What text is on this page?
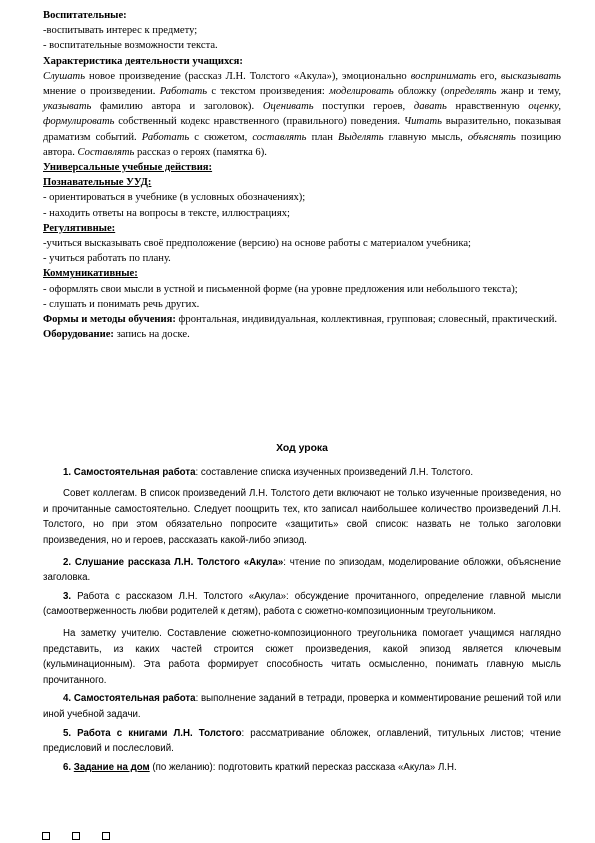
Воспитательные:

-воспитывать интерес к предмету;

- воспитательные возможности текста.

Характеристика деятельности учащихся:

Слушать новое произведение (рассказ Л.Н. Толстого «Акула»), эмоционально воспринимать его, высказывать мнение о произведении. Работать с текстом произведения: моделировать обложку (определять жанр и тему, указывать фамилию автора и заголовок). Оценивать поступки героев, давать нравственную оценку, формулировать собственный кодекс нравственного (правильного) поведения. Читать выразительно, показывая драматизм событий. Работать с сюжетом, составлять план Выделять главную мысль, объяснять позицию автора. Составлять рассказ о героях (памятка 6).

Универсальные учебные действия:

Познавательные УУД:

- ориентироваться в учебнике (в условных обозначениях);

- находить ответы на вопросы в тексте, иллюстрациях;

Регулятивные:

-учиться высказывать своё предположение (версию) на основе работы с материалом учебника;

- учиться работать по плану.

Коммуникативные:

- оформлять свои мысли в устной и письменной форме (на уровне предложения или небольшого текста);

- слушать и понимать речь других.

Формы и методы обучения: фронтальная, индивидуальная, коллективная, групповая; словесный, практический.

Оборудование: запись на доске.

Ход урока

1. Самостоятельная работа: составление списка изученных произведений Л.Н. Толстого.

Совет коллегам. В список произведений Л.Н. Толстого дети включают не только изученные произведения, но и прочитанные самостоятельно. Следует поощрить тех, кто записал наибольшее количество произведений Л.Н. Толстого, но при этом обязательно попросите «защитить» свой список: назвать не только заголовки произведения, но и героев, рассказать какой-либо эпизод.

2. Слушание рассказа Л.Н. Толстого «Акула»: чтение по эпизодам, моделирование обложки, объяснение заголовка.

3. Работа с рассказом Л.Н. Толстого «Акула»: обсуждение прочитанного, определение главной мысли (самоотверженность любви родителей к детям), работа с сюжетно-композиционным треугольником.

На заметку учителю. Составление сюжетно-композиционного треугольника помогает учащимся наглядно представить, из каких частей строится сюжет произведения, какой эпизод является ключевым (кульминационным). Эта работа формирует способность читать осмысленно, понимать главную мысль прочитанного.

4. Самостоятельная работа: выполнение заданий в тетради, проверка и комментирование решений той или иной учебной задачи.

5. Работа с книгами Л.Н. Толстого: рассматривание обложек, оглавлений, титульных листов; чтение предисловий и послесловий.

6. Задание на дом (по желанию): подготовить краткий пересказ рассказа «Акула» Л.Н.
